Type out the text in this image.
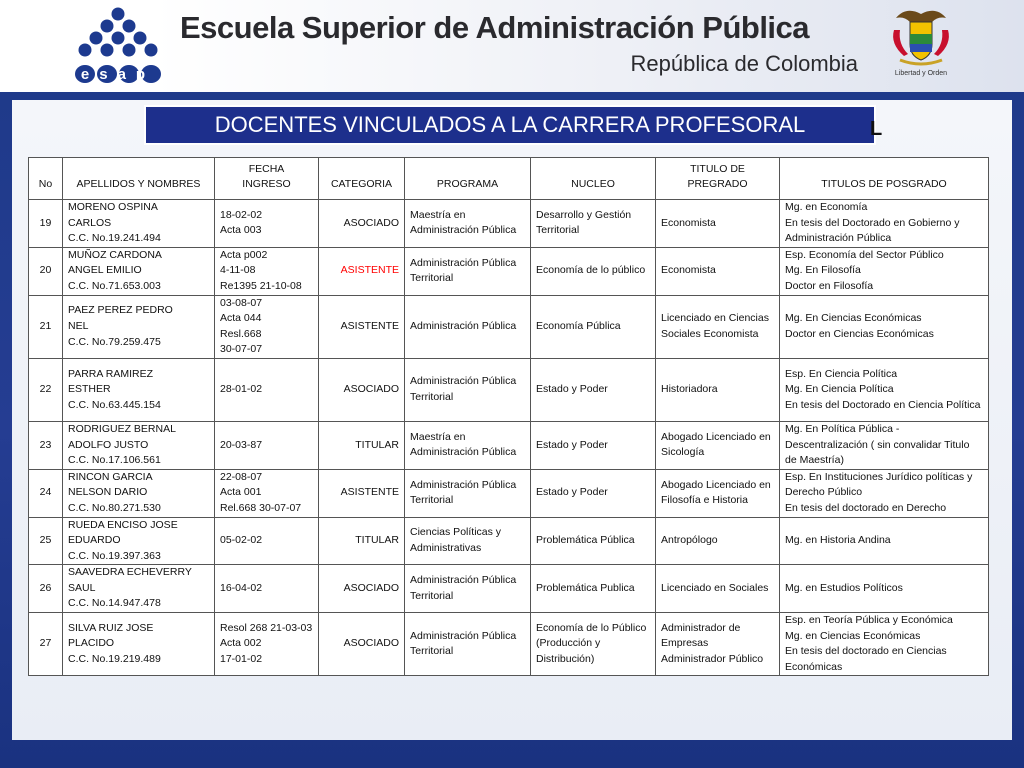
esap
Escuela Superior de Administración Pública
República de Colombia	Libertad y Orden
DOCENTES VINCULADOS A LA CARRERA PROFESORAL	L
No	APELLIDOS Y NOMBRES	FECHA
INGRESO	CATEGORIA	PROGRAMA	NUCLEO	TITULO DE
PREGRADO	TITULOS DE POSGRADO

19	MORENO OSPINA
CARLOS
C.C. No.19.241.494	18-02-02
Acta 003	ASOCIADO	Maestría en Administración Pública	Desarrollo y Gestión Territorial	Economista	Mg. en Economía
En tesis del Doctorado en Gobierno y Administración Pública

20	MUÑOZ CARDONA
ANGEL EMILIO
C.C. No.71.653.003	Acta p002
4-11-08
Re1395 21-10-08	ASISTENTE	Administración Pública Territorial	Economía de lo público	Economista	Esp. Economía del Sector Público
Mg. En Filosofía
Doctor en Filosofía

21	PAEZ PEREZ PEDRO
NEL
C.C. No.79.259.475	03-08-07
Acta 044
Resl.668
30-07-07	ASISTENTE	Administración Pública	Economía Pública	Licenciado en Ciencias Sociales Economista	Mg. En Ciencias Económicas
Doctor en Ciencias Económicas

22	PARRA RAMIREZ
ESTHER
C.C. No.63.445.154	28-01-02	ASOCIADO	Administración Pública Territorial	Estado y Poder	Historiadora	Esp. En Ciencia Política
Mg. En Ciencia Política
En tesis del Doctorado en Ciencia Política

23	RODRIGUEZ BERNAL
ADOLFO JUSTO
C.C. No.17.106.561	20-03-87	TITULAR	Maestría en Administración Pública	Estado y Poder	Abogado Licenciado en Sicología	Mg. En Política Pública - Descentralización ( sin convalidar Titulo de Maestría)

24	RINCON GARCIA
NELSON DARIO
C.C. No.80.271.530	22-08-07
Acta 001
Rel.668 30-07-07	ASISTENTE	Administración Pública Territorial	Estado y Poder	Abogado Licenciado en Filosofía e Historia	Esp. En Instituciones Jurídico políticas y Derecho Público
En tesis del doctorado en Derecho

25	RUEDA ENCISO JOSE
EDUARDO
C.C. No.19.397.363	05-02-02	TITULAR	Ciencias Políticas y Administrativas	Problemática Pública	Antropólogo	Mg. en Historia Andina

26	SAAVEDRA ECHEVERRY
SAUL
C.C. No.14.947.478	16-04-02	ASOCIADO	Administración Pública Territorial	Problemática Publica	Licenciado en Sociales	Mg. en Estudios Políticos

27	SILVA RUIZ JOSE
PLACIDO
C.C. No.19.219.489	Resol 268 21-03-03
Acta 002
17-01-02	ASOCIADO	Administración Pública Territorial	Economía de lo Público (Producción y Distribución)	Administrador de Empresas Administrador Público	Esp. en Teoría Pública y Económica
Mg. en Ciencias Económicas
En tesis del doctorado en Ciencias Económicas
